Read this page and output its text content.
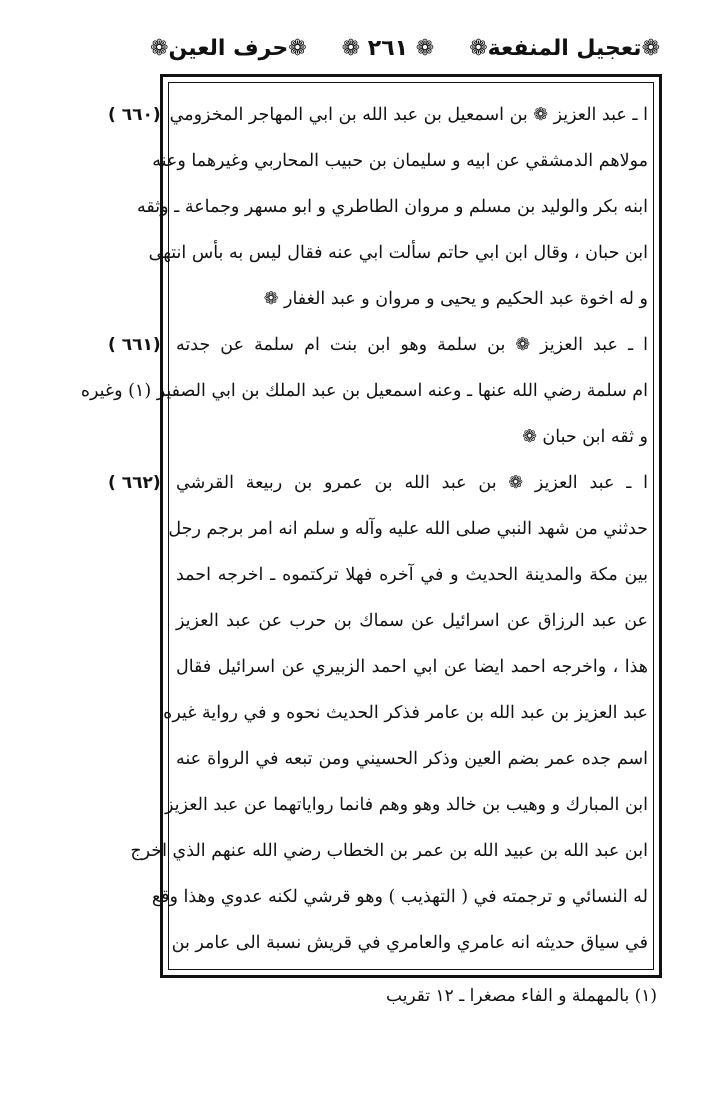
❁تعجيل المنفعة❁
❁ ٢٦١ ❁
❁حرف العين❁
( ٦٦٠)
( ٦٦١)
( ٦٦٢)
ا ـ عبد العزيز ❁ بن اسمعيل بن عبد الله بن ابي المهاجر المخزومي
مولاهم الدمشقي عن ابيه و سليمان بن حبيب المحاربي وغيرهما وعنه
ابنه بكر والوليد بن مسلم و مروان الطاطري و ابو مسهر وجماعة ـ وثقه
ابن حبان ، وقال ابن ابي حاتم سألت ابي عنه فقال ليس به بأس انتهى
و له اخوة عبد الحكيم و يحيى و مروان و عبد الغفار ❁
ا ـ عبد العزيز ❁ بن سلمة وهو ابن بنت ام سلمة عن جدته
ام سلمة رضي الله عنها ـ وعنه اسمعيل بن عبد الملك بن ابي الصفير (١) وغيره
و ثقه ابن حبان ❁
ا ـ عبد العزيز ❁ بن عبد الله بن عمرو بن ربيعة القرشي
حدثني من شهد النبي صلى الله عليه وآله و سلم انه امر برجم رجل
بين مكة والمدينة الحديث و في آخره فهلا تركتموه ـ اخرجه احمد
عن عبد الرزاق عن اسرائيل عن سماك بن حرب عن عبد العزيز
هذا ، واخرجه احمد ايضا عن ابي احمد الزبيري عن اسرائيل فقال
عبد العزيز بن عبد الله بن عامر فذكر الحديث نحوه و في رواية غيره
اسم جده عمر بضم العين وذكر الحسيني ومن تبعه في الرواة عنه
ابن المبارك و وهيب بن خالد وهو وهم فانما رواياتهما عن عبد العزيز
ابن عبد الله بن عبيد الله بن عمر بن الخطاب رضي الله عنهم الذي اخرج
له النسائي و ترجمته في ( التهذيب ) وهو قرشي لكنه عدوي وهذا وقع
في سياق حديثه انه عامري والعامري في قريش نسبة الى عامر بن
(١) بالمهملة و الفاء مصغرا ـ ١٢ تقريب
